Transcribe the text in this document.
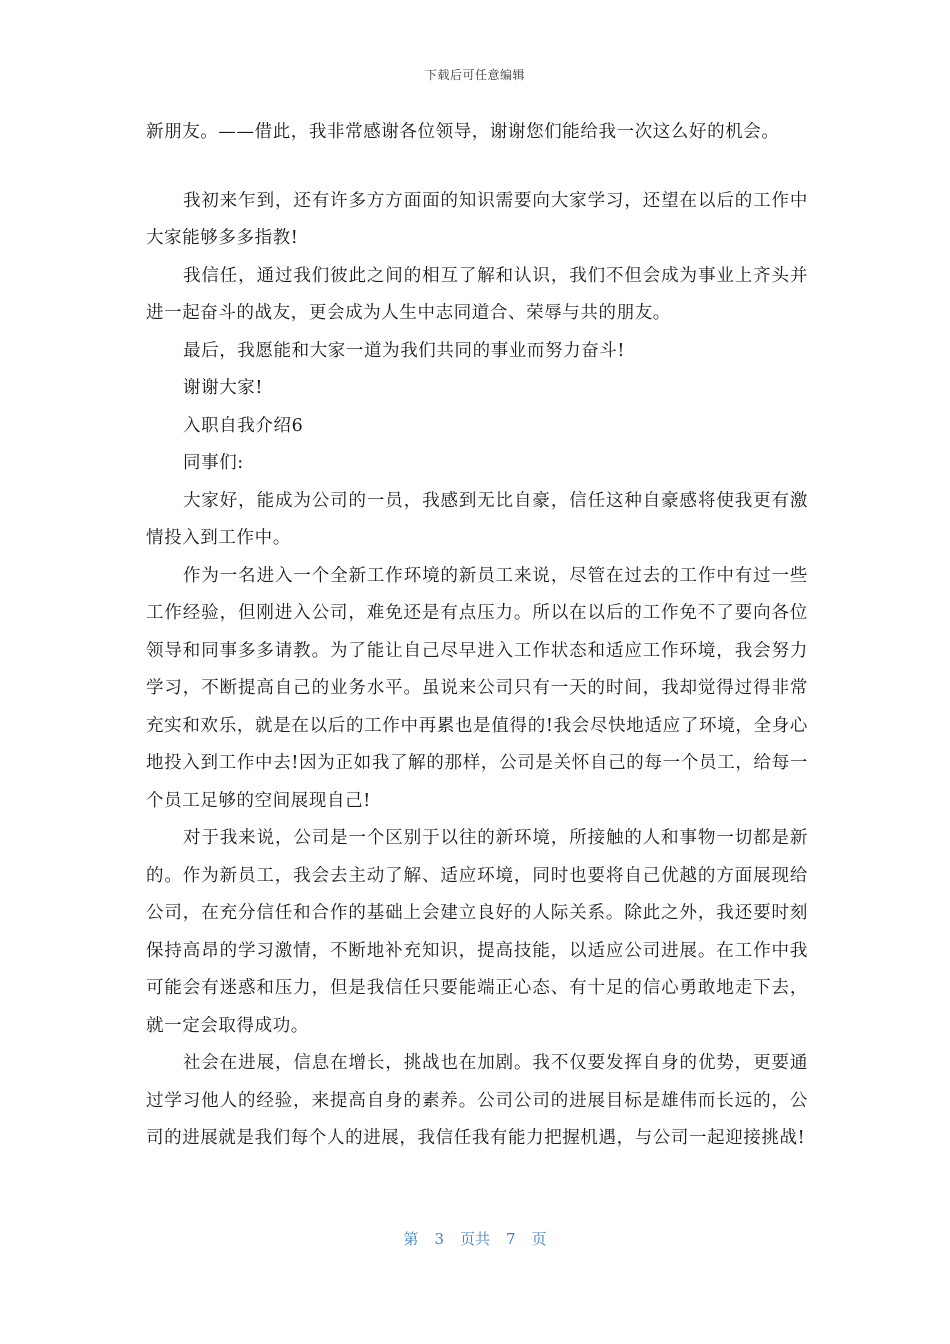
下载后可任意编辑

新朋友。——借此，我非常感谢各位领导，谢谢您们能给我一次这么好的机会。

我初来乍到，还有许多方方面面的知识需要向大家学习，还望在以后的工作中大家能够多多指教!

我信任，通过我们彼此之间的相互了解和认识，我们不但会成为事业上齐头并进一起奋斗的战友，更会成为人生中志同道合、荣辱与共的朋友。

最后，我愿能和大家一道为我们共同的事业而努力奋斗!

谢谢大家!

入职自我介绍6

同事们:

大家好，能成为公司的一员，我感到无比自豪，信任这种自豪感将使我更有激情投入到工作中。

作为一名进入一个全新工作环境的新员工来说，尽管在过去的工作中有过一些工作经验，但刚进入公司，难免还是有点压力。所以在以后的工作免不了要向各位领导和同事多多请教。为了能让自己尽早进入工作状态和适应工作环境，我会努力学习，不断提高自己的业务水平。虽说来公司只有一天的时间，我却觉得过得非常充实和欢乐，就是在以后的工作中再累也是值得的!我会尽快地适应了环境，全身心地投入到工作中去!因为正如我了解的那样，公司是关怀自己的每一个员工，给每一个员工足够的空间展现自己!

对于我来说，公司是一个区别于以往的新环境，所接触的人和事物一切都是新的。作为新员工，我会去主动了解、适应环境，同时也要将自己优越的方面展现给公司，在充分信任和合作的基础上会建立良好的人际关系。除此之外，我还要时刻保持高昂的学习激情，不断地补充知识，提高技能，以适应公司进展。在工作中我可能会有迷惑和压力，但是我信任只要能端正心态、有十足的信心勇敢地走下去，就一定会取得成功。

社会在进展，信息在增长，挑战也在加剧。我不仅要发挥自身的优势，更要通过学习他人的经验，来提高自身的素养。公司公司的进展目标是雄伟而长远的，公司的进展就是我们每个人的进展，我信任我有能力把握机遇，与公司一起迎接挑战!

第 3 页共 7 页
